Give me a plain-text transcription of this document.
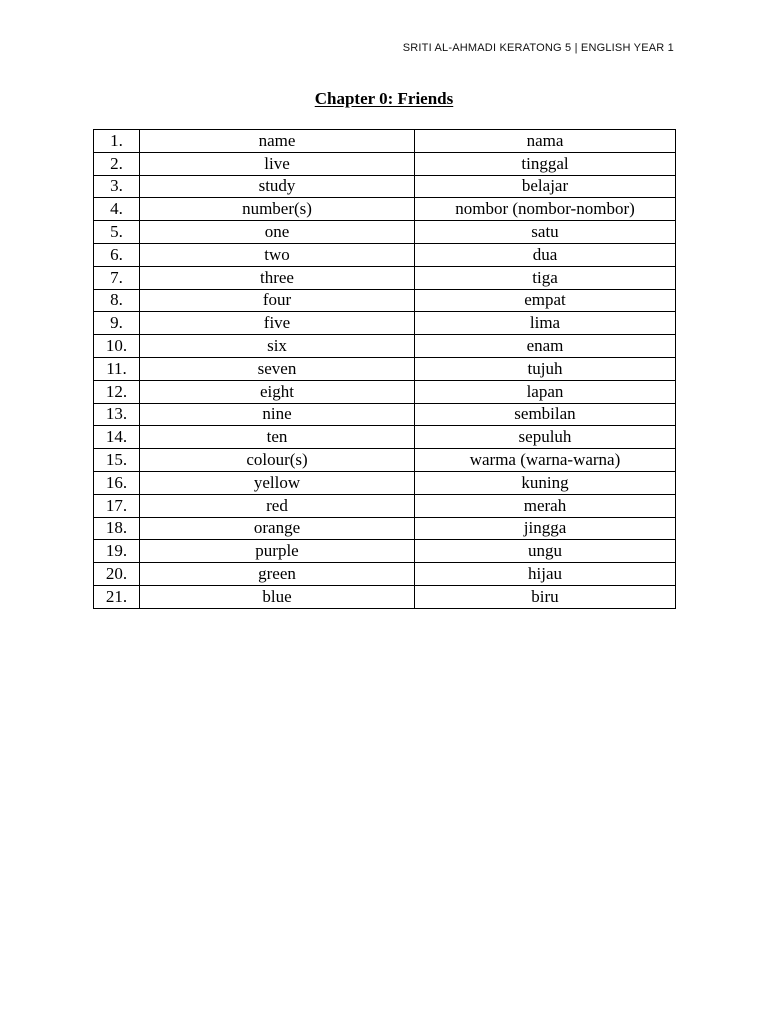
SRITI AL-AHMADI KERATONG 5 | ENGLISH YEAR 1
Chapter 0: Friends
1.	name	nama
2.	live	tinggal
3.	study	belajar
4.	number(s)	nombor (nombor-nombor)
5.	one	satu
6.	two	dua
7.	three	tiga
8.	four	empat
9.	five	lima
10.	six	enam
11.	seven	tujuh
12.	eight	lapan
13.	nine	sembilan
14.	ten	sepuluh
15.	colour(s)	warma (warna-warna)
16.	yellow	kuning
17.	red	merah
18.	orange	jingga
19.	purple	ungu
20.	green	hijau
21.	blue	biru
